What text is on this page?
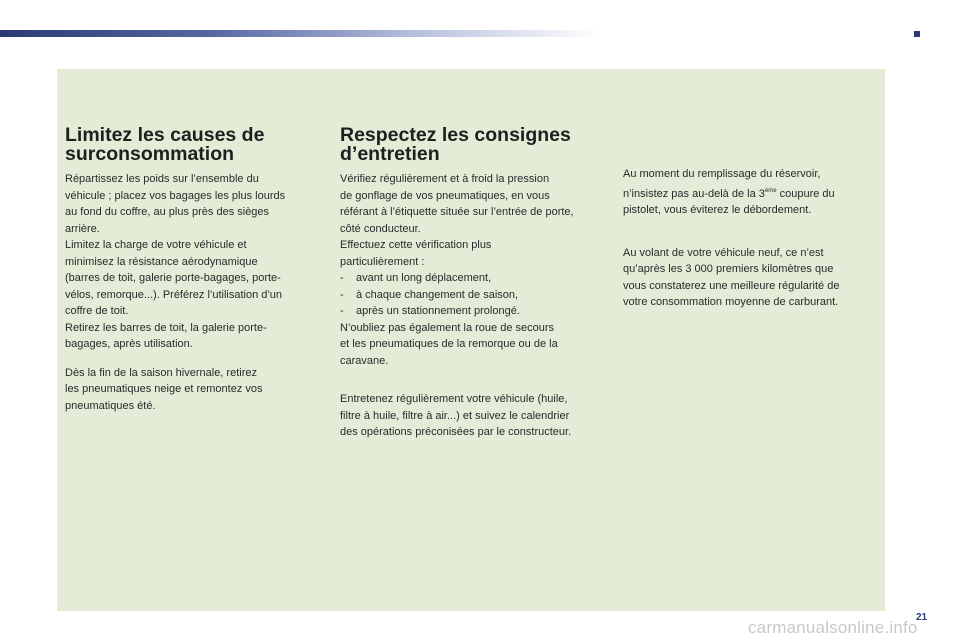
Limitez les causes de
surconsommation

Répartissez les poids sur l’ensemble du
véhicule ; placez vos bagages les plus lourds
au fond du coffre, au plus près des sièges
arrière.
Limitez la charge de votre véhicule et
minimisez la résistance aérodynamique
(barres de toit, galerie porte-bagages, porte-
vélos, remorque...). Préférez l’utilisation d’un
coffre de toit.
Retirez les barres de toit, la galerie porte-
bagages, après utilisation.

Dès la fin de la saison hivernale, retirez
les pneumatiques neige et remontez vos
pneumatiques été.

Respectez les consignes
d’entretien

Vérifiez régulièrement et à froid la pression
de gonflage de vos pneumatiques, en vous
référant à l’étiquette située sur l’entrée de porte,
côté conducteur.
Effectuez cette vérification plus
particulièrement :

-	avant un long déplacement,
-	à chaque changement de saison,
-	après un stationnement prolongé.

N’oubliez pas également la roue de secours
et les pneumatiques de la remorque ou de la
caravane.

Entretenez régulièrement votre véhicule (huile,
filtre à huile, filtre à air...) et suivez le calendrier
des opérations préconisées par le constructeur.

Au moment du remplissage du réservoir,
n’insistez pas au-delà de la 3ème coupure du
pistolet, vous éviterez le débordement.

Au volant de votre véhicule neuf, ce n’est
qu’après les 3 000 premiers kilomètres que
vous constaterez une meilleure régularité de
votre consommation moyenne de carburant.

21
carmanualsonline.info
